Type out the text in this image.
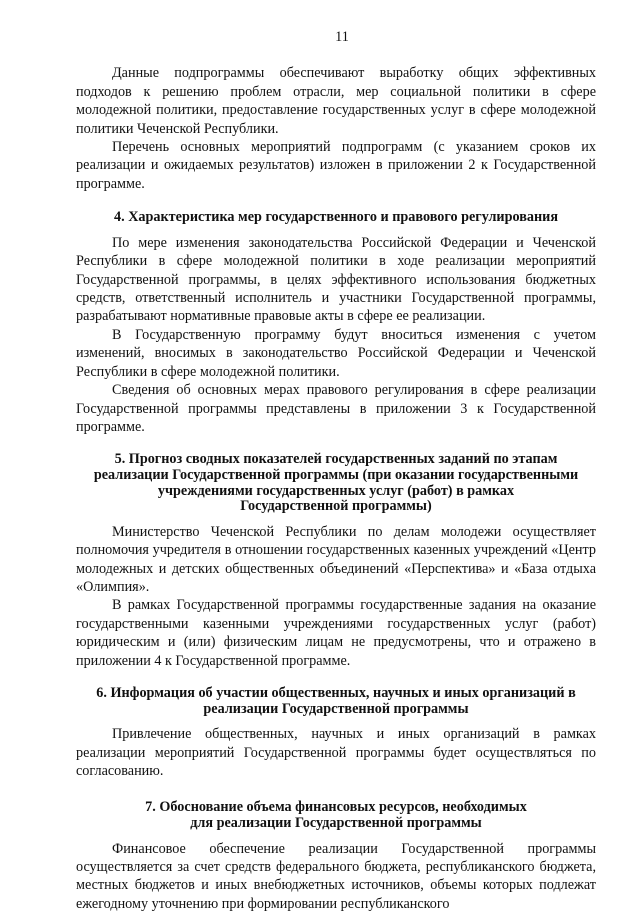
11

Данные подпрограммы обеспечивают выработку общих эффективных подходов к решению проблем отрасли, мер социальной политики в сфере молодежной политики, предоставление государственных услуг в сфере молодежной политики Чеченской Республики.

Перечень основных мероприятий подпрограмм (с указанием сроков их реализации и ожидаемых результатов) изложен в приложении 2 к Государственной программе.

4. Характеристика мер государственного и правового регулирования

По мере изменения законодательства Российской Федерации и Чеченской Республики в сфере молодежной политики в ходе реализации мероприятий Государственной программы, в целях эффективного использования бюджетных средств, ответственный исполнитель и участники Государственной программы, разрабатывают нормативные правовые акты в сфере ее реализации.

В Государственную программу будут вноситься изменения с учетом изменений, вносимых в законодательство Российской Федерации и Чеченской Республики в сфере молодежной политики.

Сведения об основных мерах правового регулирования в сфере реализации Государственной программы представлены в приложении 3 к Государственной программе.

5. Прогноз сводных показателей государственных заданий по этапам
реализации Государственной программы (при оказании государственными
учреждениями государственных услуг (работ) в рамках
Государственной программы)

Министерство Чеченской Республики по делам молодежи осуществляет полномочия учредителя в отношении государственных казенных учреждений «Центр молодежных и детских общественных объединений «Перспектива» и «База отдыха «Олимпия».

В рамках Государственной программы государственные задания на оказание государственными казенными учреждениями государственных услуг (работ) юридическим и (или) физическим лицам не предусмотрены, что и отражено в приложении 4 к Государственной программе.

6. Информация об участии общественных, научных и иных организаций в
реализации Государственной программы

Привлечение общественных, научных и иных организаций в рамках реализации мероприятий Государственной программы будет осуществляться по согласованию.

7. Обоснование объема финансовых ресурсов, необходимых
для реализации Государственной программы

Финансовое обеспечение реализации Государственной программы осуществляется за счет средств федерального бюджета, республиканского бюджета, местных бюджетов и иных внебюджетных источников, объемы которых подлежат ежегодному уточнению при формировании республиканского
